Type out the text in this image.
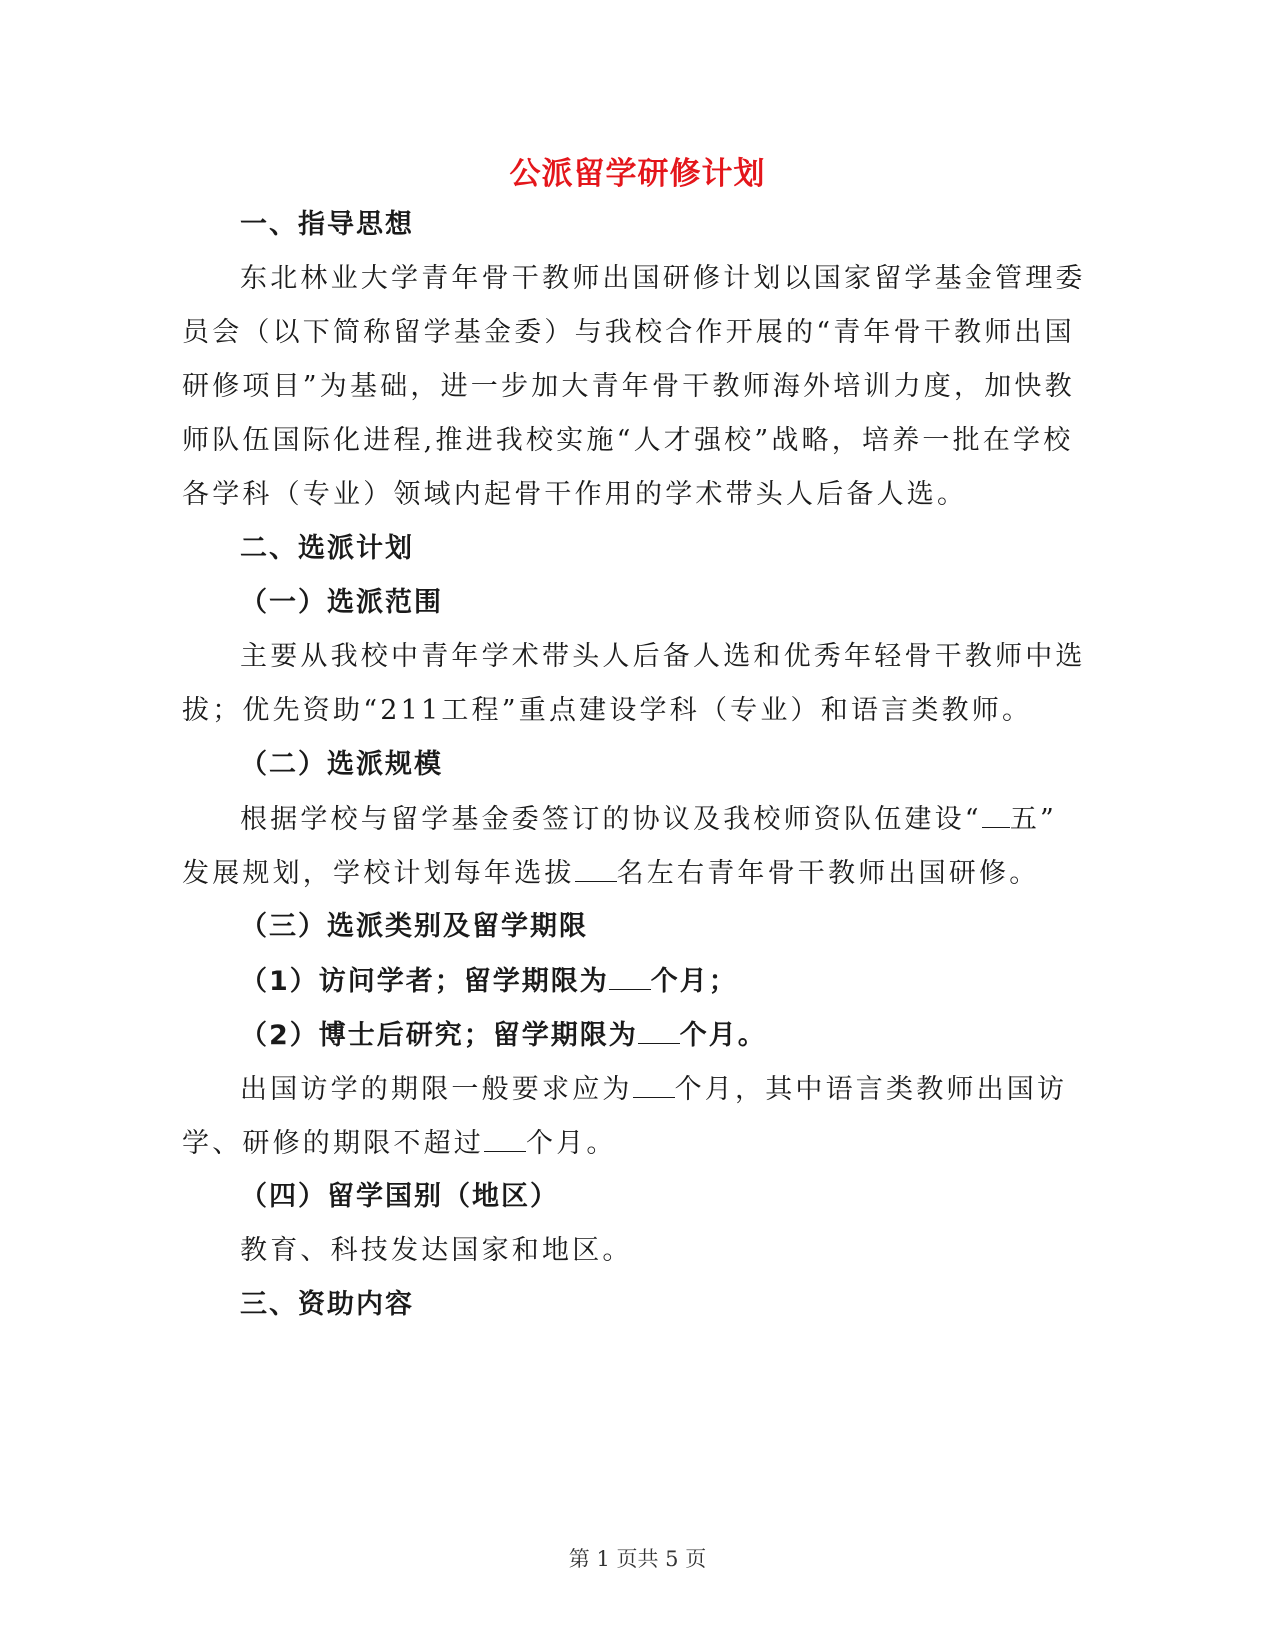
公派留学研修计划
一、指导思想
东北林业大学青年骨干教师出国研修计划以国家留学基金管理委
员会（以下简称留学基金委）与我校合作开展的“青年骨干教师出国
研修项目”为基础，进一步加大青年骨干教师海外培训力度，加快教
师队伍国际化进程,推进我校实施“人才强校”战略，培养一批在学校
各学科（专业）领域内起骨干作用的学术带头人后备人选。
二、选派计划
（一）选派范围
主要从我校中青年学术带头人后备人选和优秀年轻骨干教师中选
拔；优先资助“211工程”重点建设学科（专业）和语言类教师。
（二）选派规模
根据学校与留学基金委签订的协议及我校师资队伍建设“ 五”
发展规划，学校计划每年选拔 名左右青年骨干教师出国研修。
（三）选派类别及留学期限
（1）访问学者；留学期限为 个月；
（2）博士后研究；留学期限为 个月。
出国访学的期限一般要求应为 个月，其中语言类教师出国访
学、研修的期限不超过 个月。
（四）留学国别（地区）
教育、科技发达国家和地区。
三、资助内容
第 1 页共 5 页
